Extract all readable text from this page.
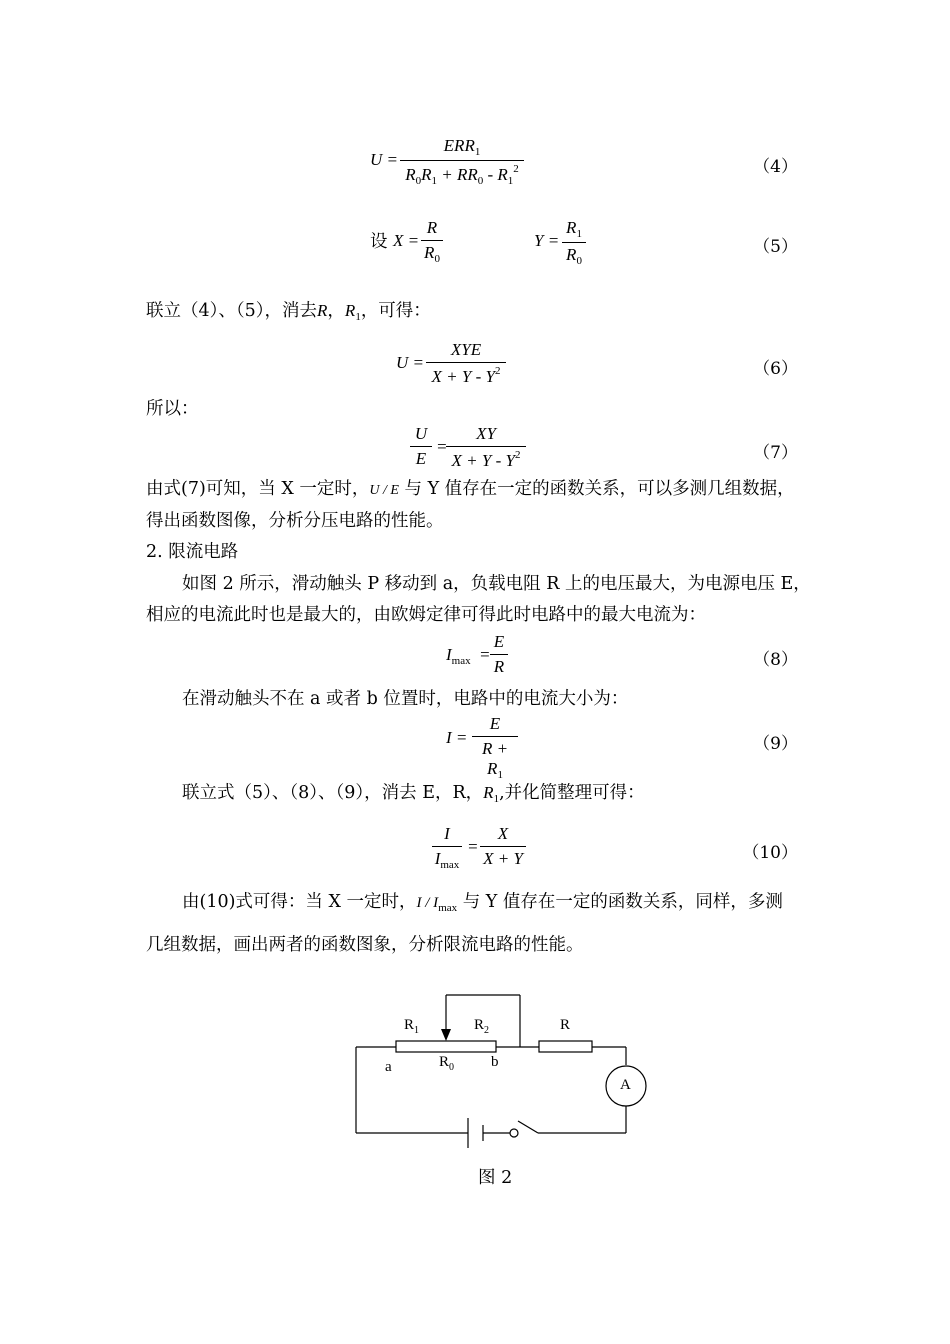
U =
$ERR_1$
$R_0R_1 + RR_0 - R_1^2$	（4）
设 X =
R
$R_0$
Y =
$R_1$
$R_0$
（5）
联立（4）、（5），消去R，$R_1$，可得：
U =
XYE
$X + Y - Y^2$	（6）
所以：
U
E
=
XY
$X + Y - Y^2$	（7）
由式(7)可知，当 X 一定时，U / E 与 Y 值存在一定的函数关系，可以多测几组数据，
得出函数图像，分析分压电路的性能。
2. 限流电路
如图 2 所示，滑动触头 P 移动到 a，负载电阻 R 上的电压最大，为电源电压 E，
相应的电流此时也是最大的，由欧姆定律可得此时电路中的最大电流为：
$I_{max}$ =
E
R	（8）
在滑动触头不在 a 或者 b 位置时，电路中的电流大小为：
I =
E
$R + R_1$
（9）
联立式（5）、（8）、（9），消去 E，R，$R_1$,并化简整理可得：
I
$I_{max}$
=
X
X + Y	（10）
由(10)式可得：当 X 一定时，I / $I_{max}$ 与 Y 值存在一定的函数关系，同样，多测
几组数据，画出两者的函数图象，分析限流电路的性能。
$R_1$	$R_2$	R
a	$R_0$ b
A
图 2
